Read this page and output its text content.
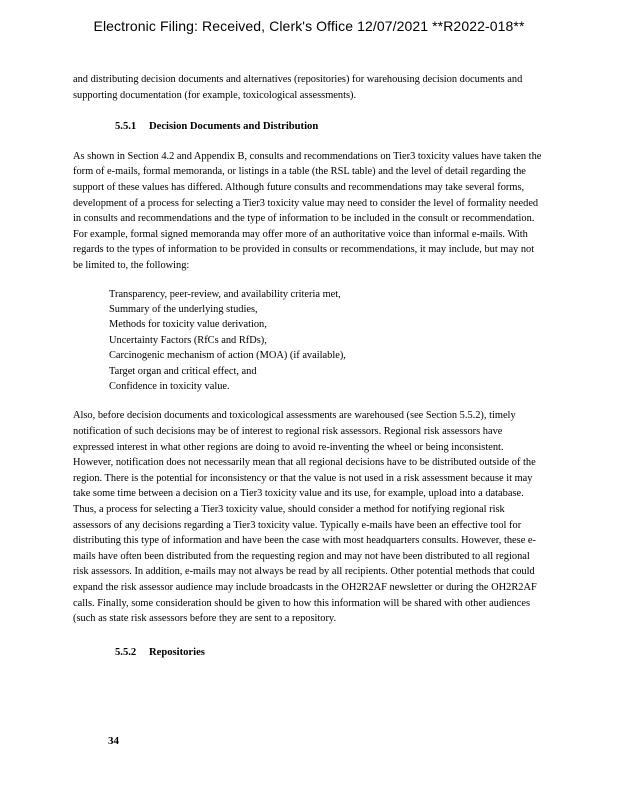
Electronic Filing: Received, Clerk's Office 12/07/2021 **R2022-018**

and distributing decision documents and alternatives (repositories) for warehousing decision documents and supporting documentation (for example, toxicological assessments).

5.5.1 Decision Documents and Distribution

As shown in Section 4.2 and Appendix B, consults and recommendations on Tier3 toxicity values have taken the form of e-mails, formal memoranda, or listings in a table (the RSL table) and the level of detail regarding the support of these values has differed. Although future consults and recommendations may take several forms, development of a process for selecting a Tier3 toxicity value may need to consider the level of formality needed in consults and recommendations and the type of information to be included in the consult or recommendation. For example, formal signed memoranda may offer more of an authoritative voice than informal e-mails. With regards to the types of information to be provided in consults or recommendations, it may include, but may not be limited to, the following:

Transparency, peer-review, and availability criteria met,
Summary of the underlying studies,
Methods for toxicity value derivation,
Uncertainty Factors (RfCs and RfDs),
Carcinogenic mechanism of action (MOA) (if available),
Target organ and critical effect, and
Confidence in toxicity value.

Also, before decision documents and toxicological assessments are warehoused (see Section 5.5.2), timely notification of such decisions may be of interest to regional risk assessors. Regional risk assessors have expressed interest in what other regions are doing to avoid re-inventing the wheel or being inconsistent. However, notification does not necessarily mean that all regional decisions have to be distributed outside of the region. There is the potential for inconsistency or that the value is not used in a risk assessment because it may take some time between a decision on a Tier3 toxicity value and its use, for example, upload into a database. Thus, a process for selecting a Tier3 toxicity value, should consider a method for notifying regional risk assessors of any decisions regarding a Tier3 toxicity value. Typically e-mails have been an effective tool for distributing this type of information and have been the case with most headquarters consults. However, these e-mails have often been distributed from the requesting region and may not have been distributed to all regional risk assessors. In addition, e-mails may not always be read by all recipients. Other potential methods that could expand the risk assessor audience may include broadcasts in the OH2R2AF newsletter or during the OH2R2AF calls. Finally, some consideration should be given to how this information will be shared with other audiences (such as state risk assessors before they are sent to a repository.

5.5.2 Repositories
34
